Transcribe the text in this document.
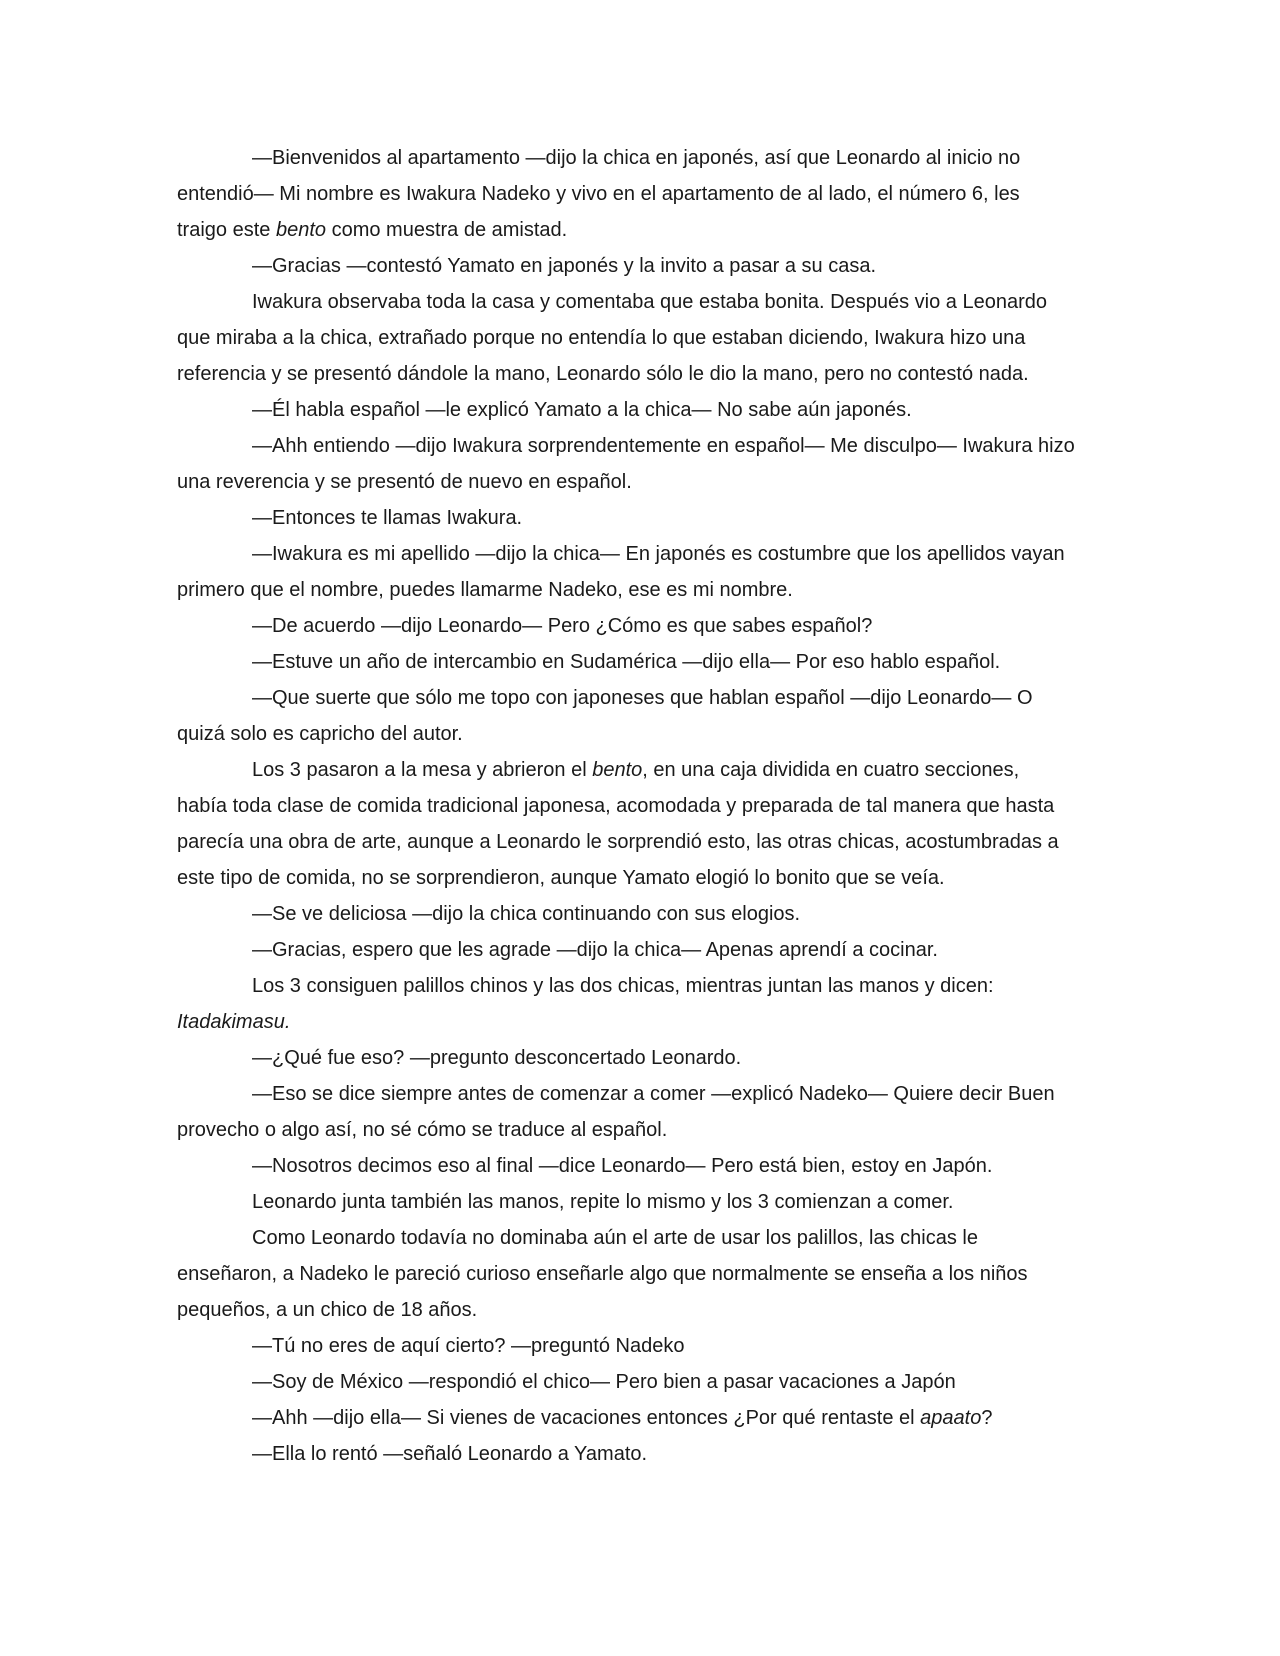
—Bienvenidos al apartamento —dijo la chica en japonés, así que Leonardo al inicio no
entendió— Mi nombre es Iwakura Nadeko y vivo en el apartamento de al lado, el número 6, les
traigo este bento como muestra de amistad.
—Gracias —contestó Yamato en japonés y la invito a pasar a su casa.
Iwakura observaba toda la casa y comentaba que estaba bonita. Después vio a Leonardo
que miraba a la chica, extrañado porque no entendía lo que estaban diciendo, Iwakura hizo una
referencia y se presentó dándole la mano, Leonardo sólo le dio la mano, pero no contestó nada.
—Él habla español —le explicó Yamato a la chica— No sabe aún japonés.
—Ahh entiendo —dijo Iwakura sorprendentemente en español— Me disculpo— Iwakura hizo
una reverencia y se presentó de nuevo en español.
—Entonces te llamas Iwakura.
—Iwakura es mi apellido —dijo la chica— En japonés es costumbre que los apellidos vayan
primero que el nombre, puedes llamarme Nadeko, ese es mi nombre.
—De acuerdo —dijo Leonardo— Pero ¿Cómo es que sabes español?
—Estuve un año de intercambio en Sudamérica —dijo ella— Por eso hablo español.
—Que suerte que sólo me topo con japoneses que hablan español —dijo Leonardo— O
quizá solo es capricho del autor.
Los 3 pasaron a la mesa y abrieron el bento, en una caja dividida en cuatro secciones,
había toda clase de comida tradicional japonesa, acomodada y preparada de tal manera que hasta
parecía una obra de arte, aunque a Leonardo le sorprendió esto, las otras chicas, acostumbradas a
este tipo de comida, no se sorprendieron, aunque Yamato elogió lo bonito que se veía.
—Se ve deliciosa —dijo la chica continuando con sus elogios.
—Gracias, espero que les agrade —dijo la chica— Apenas aprendí a cocinar.
Los 3 consiguen palillos chinos y las dos chicas, mientras juntan las manos y dicen:
Itadakimasu.
—¿Qué fue eso? —pregunto desconcertado Leonardo.
—Eso se dice siempre antes de comenzar a comer —explicó Nadeko— Quiere decir Buen
provecho o algo así, no sé cómo se traduce al español.
—Nosotros decimos eso al final —dice Leonardo— Pero está bien, estoy en Japón.
Leonardo junta también las manos, repite lo mismo y los 3 comienzan a comer.
Como Leonardo todavía no dominaba aún el arte de usar los palillos, las chicas le
enseñaron, a Nadeko le pareció curioso enseñarle algo que normalmente se enseña a los niños
pequeños, a un chico de 18 años.
—Tú no eres de aquí cierto? —preguntó Nadeko
—Soy de México —respondió el chico— Pero bien a pasar vacaciones a Japón
—Ahh —dijo ella— Si vienes de vacaciones entonces ¿Por qué rentaste el apaato?
—Ella lo rentó —señaló Leonardo a Yamato.
